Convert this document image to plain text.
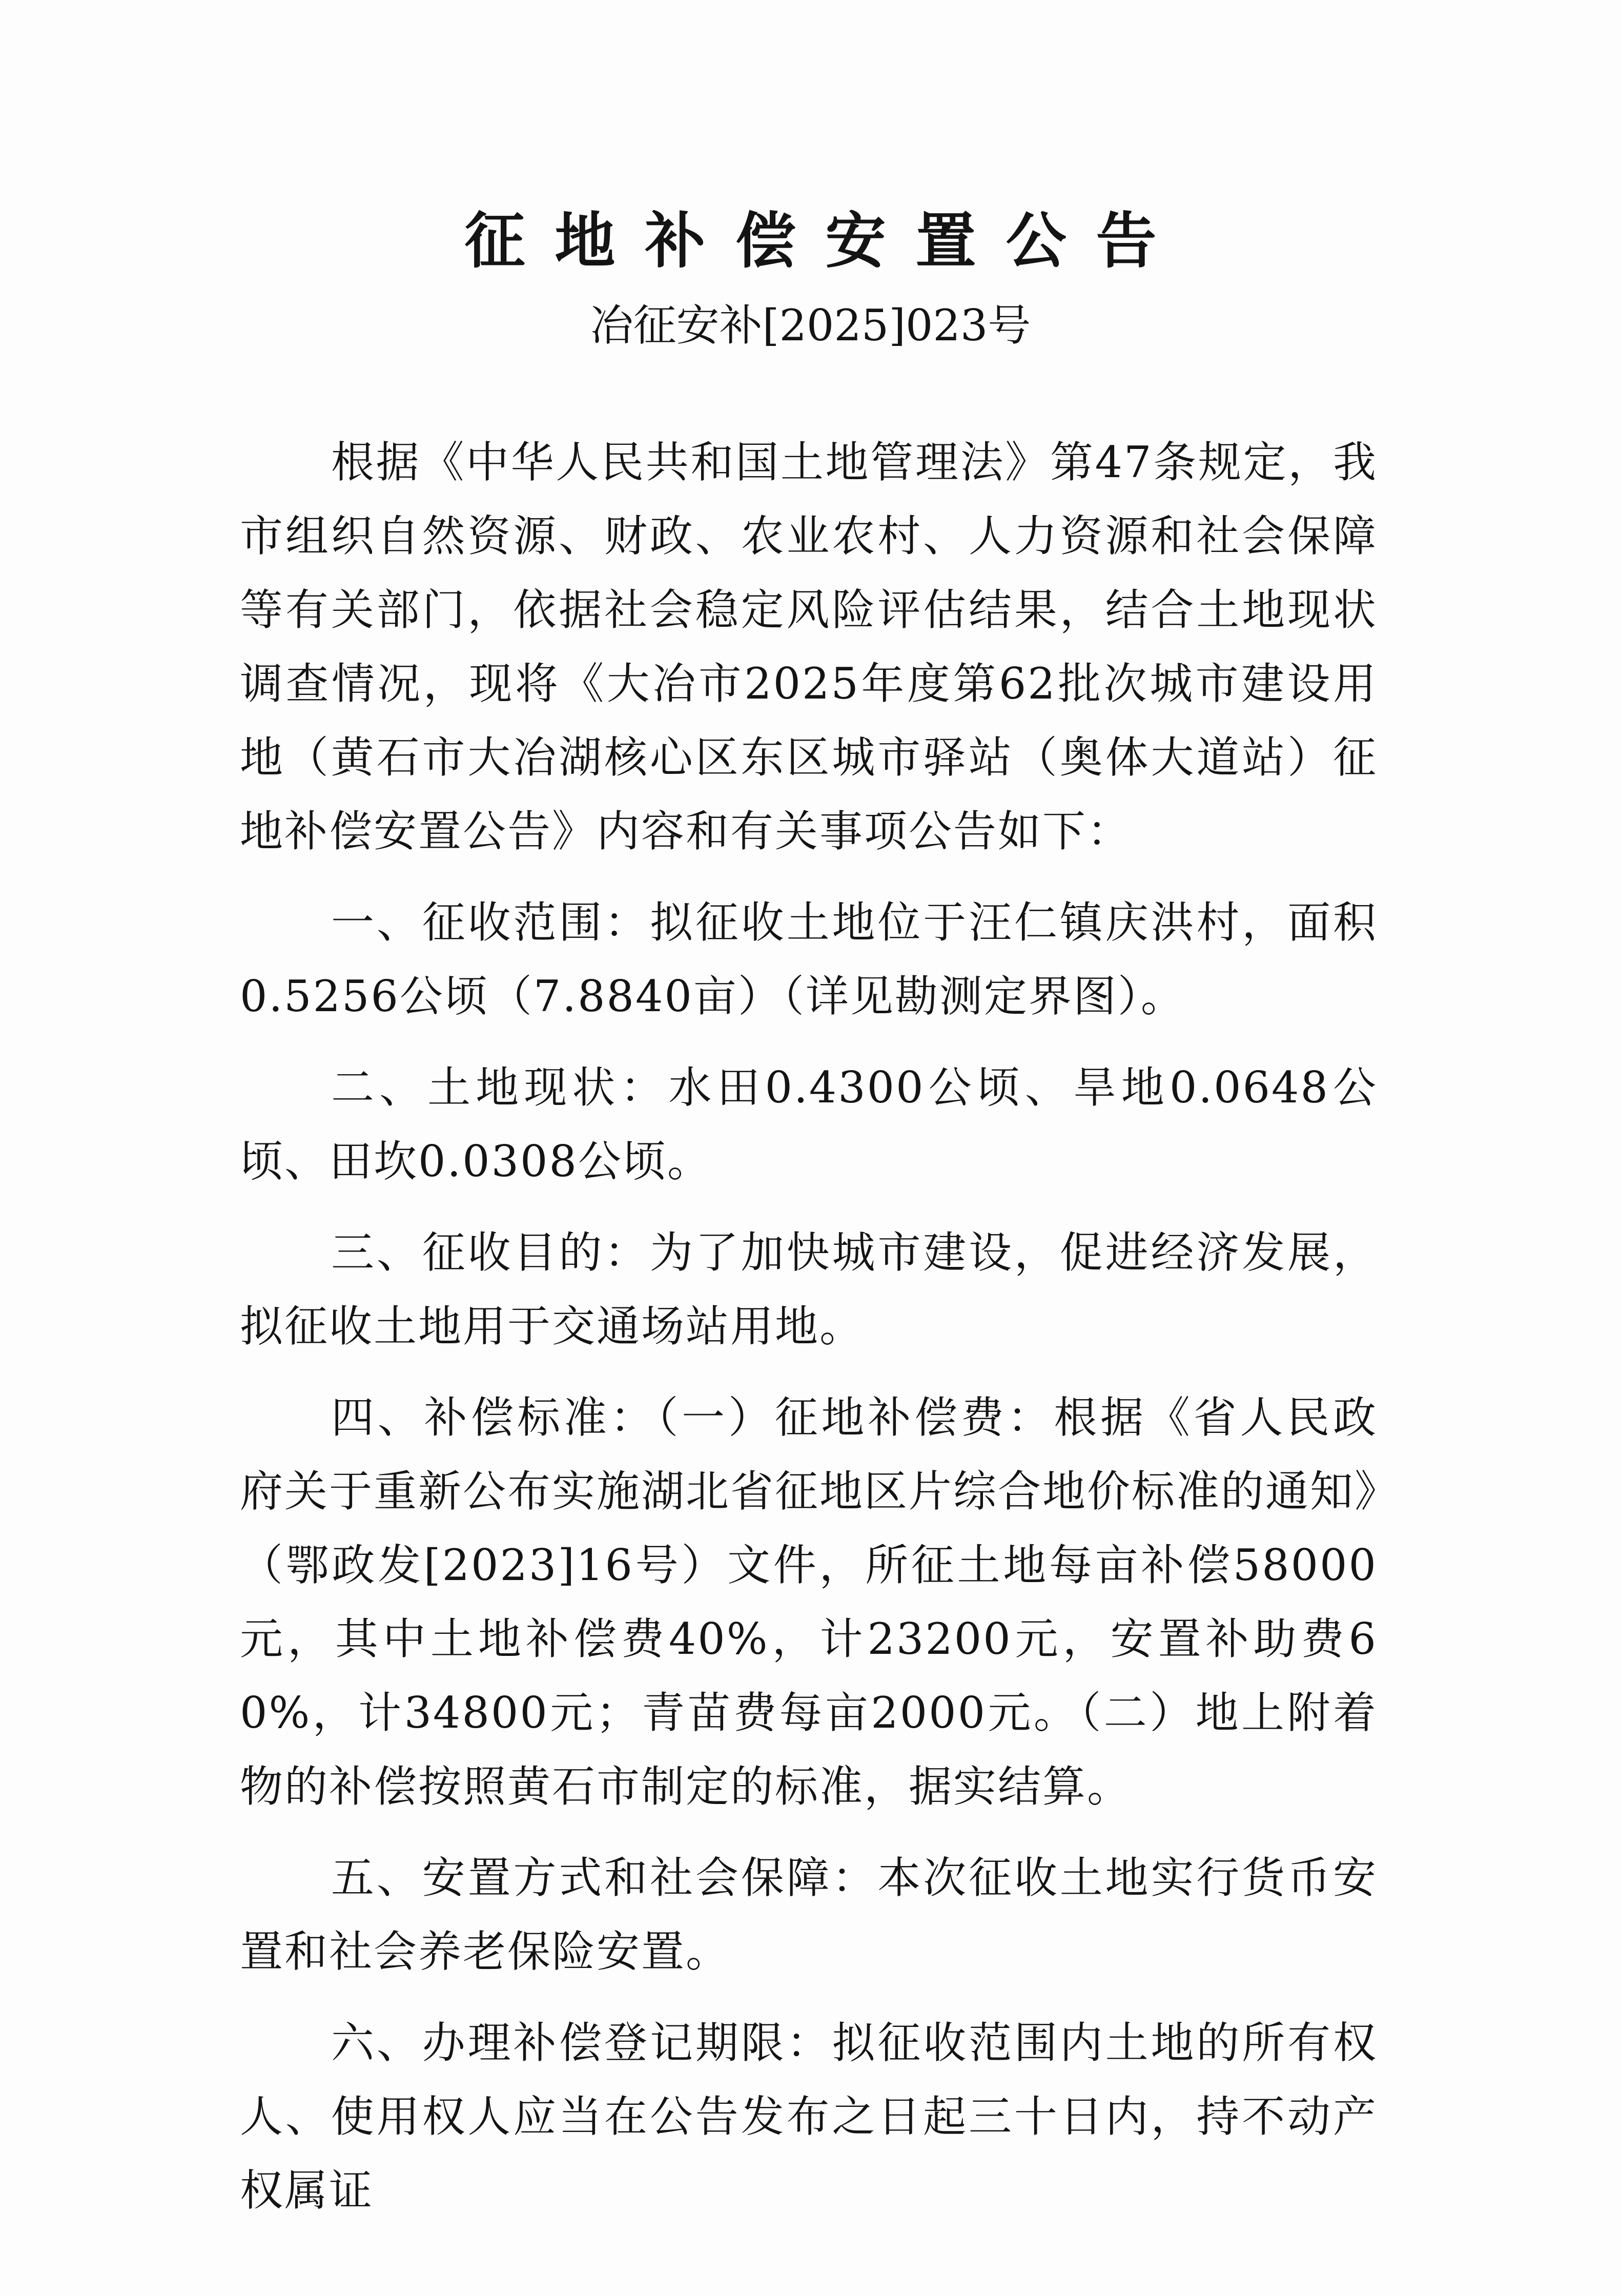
征地补偿安置公告
冶征安补[2025]023号

根据《中华人民共和国土地管理法》第47条规定，我市组织自然资源、财政、农业农村、人力资源和社会保障等有关部门，依据社会稳定风险评估结果，结合土地现状调查情况，现将《大冶市2025年度第62批次城市建设用地（黄石市大冶湖核心区东区城市驿站（奥体大道站）征地补偿安置公告》内容和有关事项公告如下：

一、征收范围：拟征收土地位于汪仁镇庆洪村，面积0.5256公顷（7.8840亩）（详见勘测定界图）。

二、土地现状：水田0.4300公顷、旱地0.0648公顷、田坎0.0308公顷。

三、征收目的：为了加快城市建设，促进经济发展，拟征收土地用于交通场站用地。

四、补偿标准：（一）征地补偿费：根据《省人民政府关于重新公布实施湖北省征地区片综合地价标准的通知》（鄂政发[2023]16号）文件，所征土地每亩补偿58000元，其中土地补偿费40%，计23200元，安置补助费60%，计34800元；青苗费每亩2000元。（二）地上附着物的补偿按照黄石市制定的标准，据实结算。

五、安置方式和社会保障：本次征收土地实行货币安置和社会养老保险安置。

六、办理补偿登记期限：拟征收范围内土地的所有权人、使用权人应当在公告发布之日起三十日内，持不动产权属证
